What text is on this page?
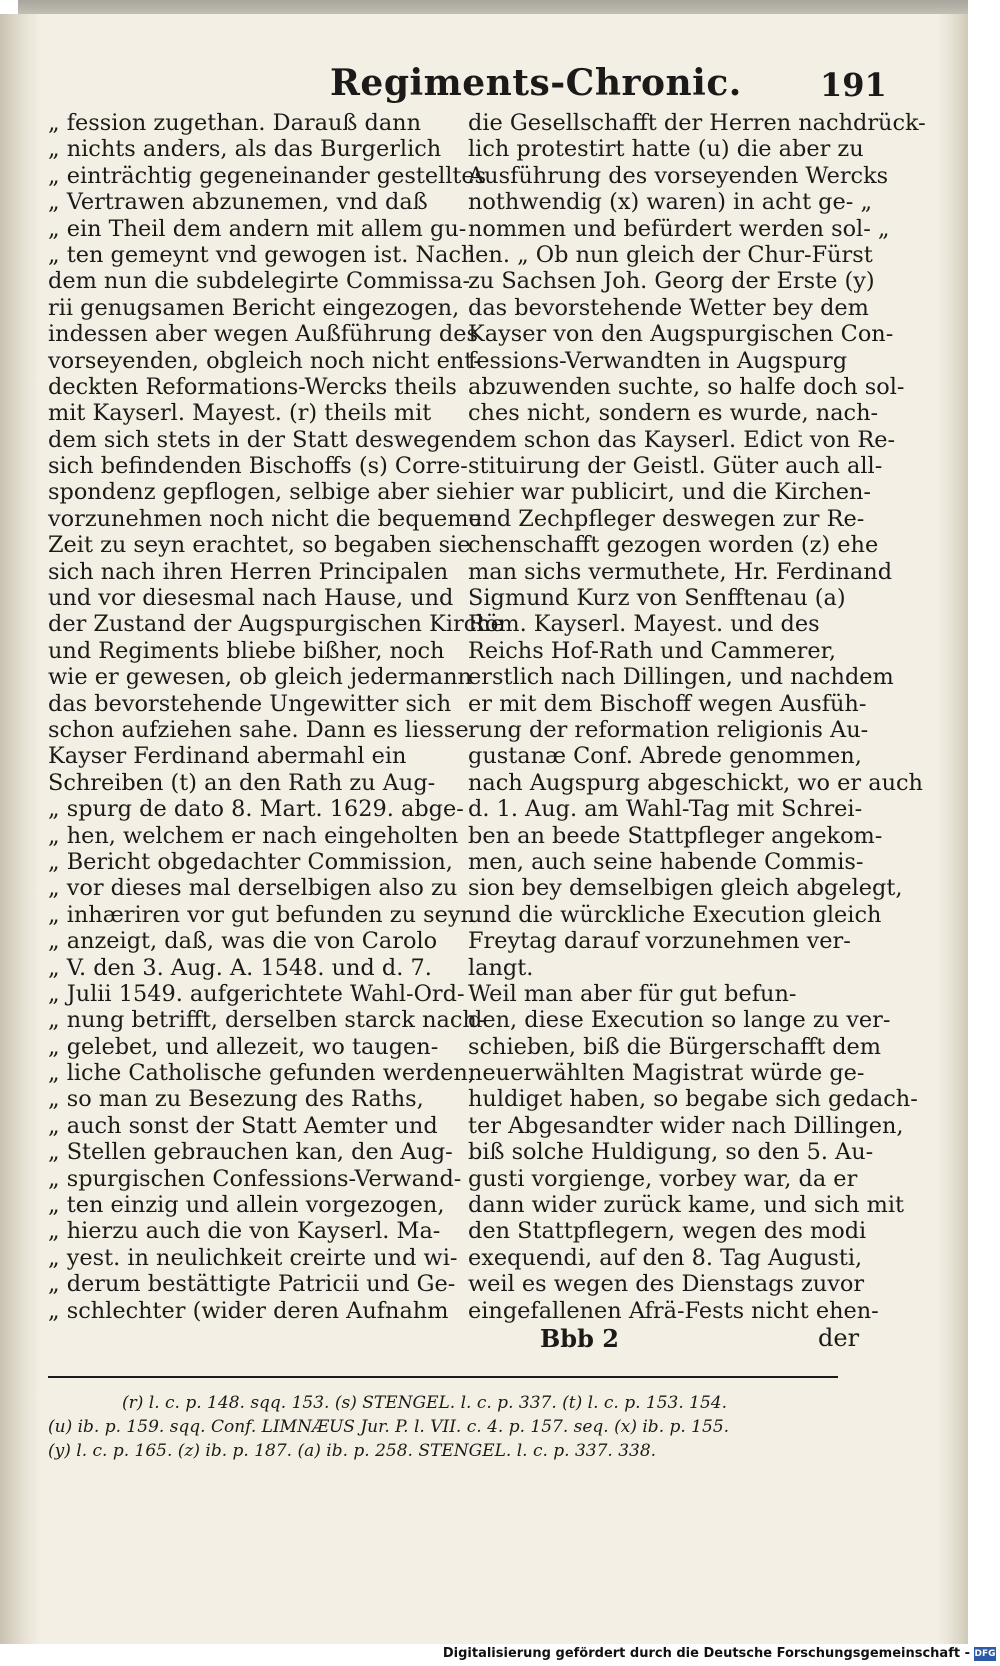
Regiments-Chronic. 191
„ fession zugethan. Darauß dann
„ nichts anders, als das Burgerlich
„ einträchtig gegeneinander gestelltes
„ Vertrawen abzunemen, vnd daß
„ ein Theil dem andern mit allem gu-
„ ten gemeynt vnd gewogen ist. Nach
dem nun die subdelegirte Commissa-
rii genugsamen Bericht eingezogen,
indessen aber wegen Außführung des
vorseyenden, obgleich noch nicht ent-
deckten Reformations-Wercks theils
mit Kayserl. Mayest. (r) theils mit
dem sich stets in der Statt deswegen
sich befindenden Bischoffs (s) Corre-
spondenz gepflogen, selbige aber sie
vorzunehmen noch nicht die bequeme
Zeit zu seyn erachtet, so begaben sie
sich nach ihren Herren Principalen
und vor diesesmal nach Hause, und
der Zustand der Augspurgischen Kirche
und Regiments bliebe bißher, noch
wie er gewesen, ob gleich jedermann
das bevorstehende Ungewitter sich
schon aufziehen sahe. Dann es liesse
Kayser Ferdinand abermahl ein
Schreiben (t) an den Rath zu Aug-
„ spurg de dato 8. Mart. 1629. abge-
„ hen, welchem er nach eingeholten
„ Bericht obgedachter Commission,
„ vor dieses mal derselbigen also zu
„ inhæriren vor gut befunden zu seyn
„ anzeigt, daß, was die von Carolo
„ V. den 3. Aug. A. 1548. und d. 7.
„ Julii 1549. aufgerichtete Wahl-Ord-
„ nung betrifft, derselben starck nach-
„ gelebet, und allezeit, wo taugen-
„ liche Catholische gefunden werden,
„ so man zu Besezung des Raths,
„ auch sonst der Statt Aemter und
„ Stellen gebrauchen kan, den Aug-
„ spurgischen Confessions-Verwand-
„ ten einzig und allein vorgezogen,
„ hierzu auch die von Kayserl. Ma-
„ yest. in neulichkeit creirte und wi-
„ derum bestättigte Patricii und Ge-
„ schlechter (wider deren Aufnahm
die Gesellschafft der Herren nachdrück-
lich protestirt hatte (u) die aber zu
Ausführung des vorseyenden Wercks
nothwendig (x) waren) in acht ge- „
nommen und befürdert werden sol- „
len. „ Ob nun gleich der Chur-Fürst
zu Sachsen Joh. Georg der Erste (y)
das bevorstehende Wetter bey dem
Kayser von den Augspurgischen Con-
fessions-Verwandten in Augspurg
abzuwenden suchte, so halfe doch sol-
ches nicht, sondern es wurde, nach-
dem schon das Kayserl. Edict von Re-
stituirung der Geistl. Güter auch all-
hier war publicirt, und die Kirchen-
und Zechpfleger deswegen zur Re-
chenschafft gezogen worden (z) ehe
man sichs vermuthete, Hr. Ferdinand
Sigmund Kurz von Senfftenau (a)
Röm. Kayserl. Mayest. und des
Reichs Hof-Rath und Cammerer,
erstlich nach Dillingen, und nachdem
er mit dem Bischoff wegen Ausfüh-
rung der reformation religionis Au-
gustanæ Conf. Abrede genommen,
nach Augspurg abgeschickt, wo er auch
d. 1. Aug. am Wahl-Tag mit Schrei-
ben an beede Stattpfleger angekom-
men, auch seine habende Commis-
sion bey demselbigen gleich abgelegt,
und die würckliche Execution gleich
Freytag darauf vorzunehmen ver-
langt.
Weil man aber für gut befun-
den, diese Execution so lange zu ver-
schieben, biß die Bürgerschafft dem
neuerwählten Magistrat würde ge-
huldiget haben, so begabe sich gedach-
ter Abgesandter wider nach Dillingen,
biß solche Huldigung, so den 5. Au-
gusti vorgienge, vorbey war, da er
dann wider zurück kame, und sich mit
den Stattpflegern, wegen des modi
exequendi, auf den 8. Tag Augusti,
weil es wegen des Dienstags zuvor
eingefallenen Afrä-Fests nicht ehen-
Bbb 2	der
(r) l. c. p. 148. sqq. 153. (s) STENGEL. l. c. p. 337. (t) l. c. p. 153. 154.
(u) ib. p. 159. sqq. Conf. LIMNÆUS Jur. P. l. VII. c. 4. p. 157. seq. (x) ib. p. 155.
(y) l. c. p. 165. (z) ib. p. 187. (a) ib. p. 258. STENGEL. l. c. p. 337. 338.
Digitalisierung gefördert durch die Deutsche Forschungsgemeinschaft - DFG
